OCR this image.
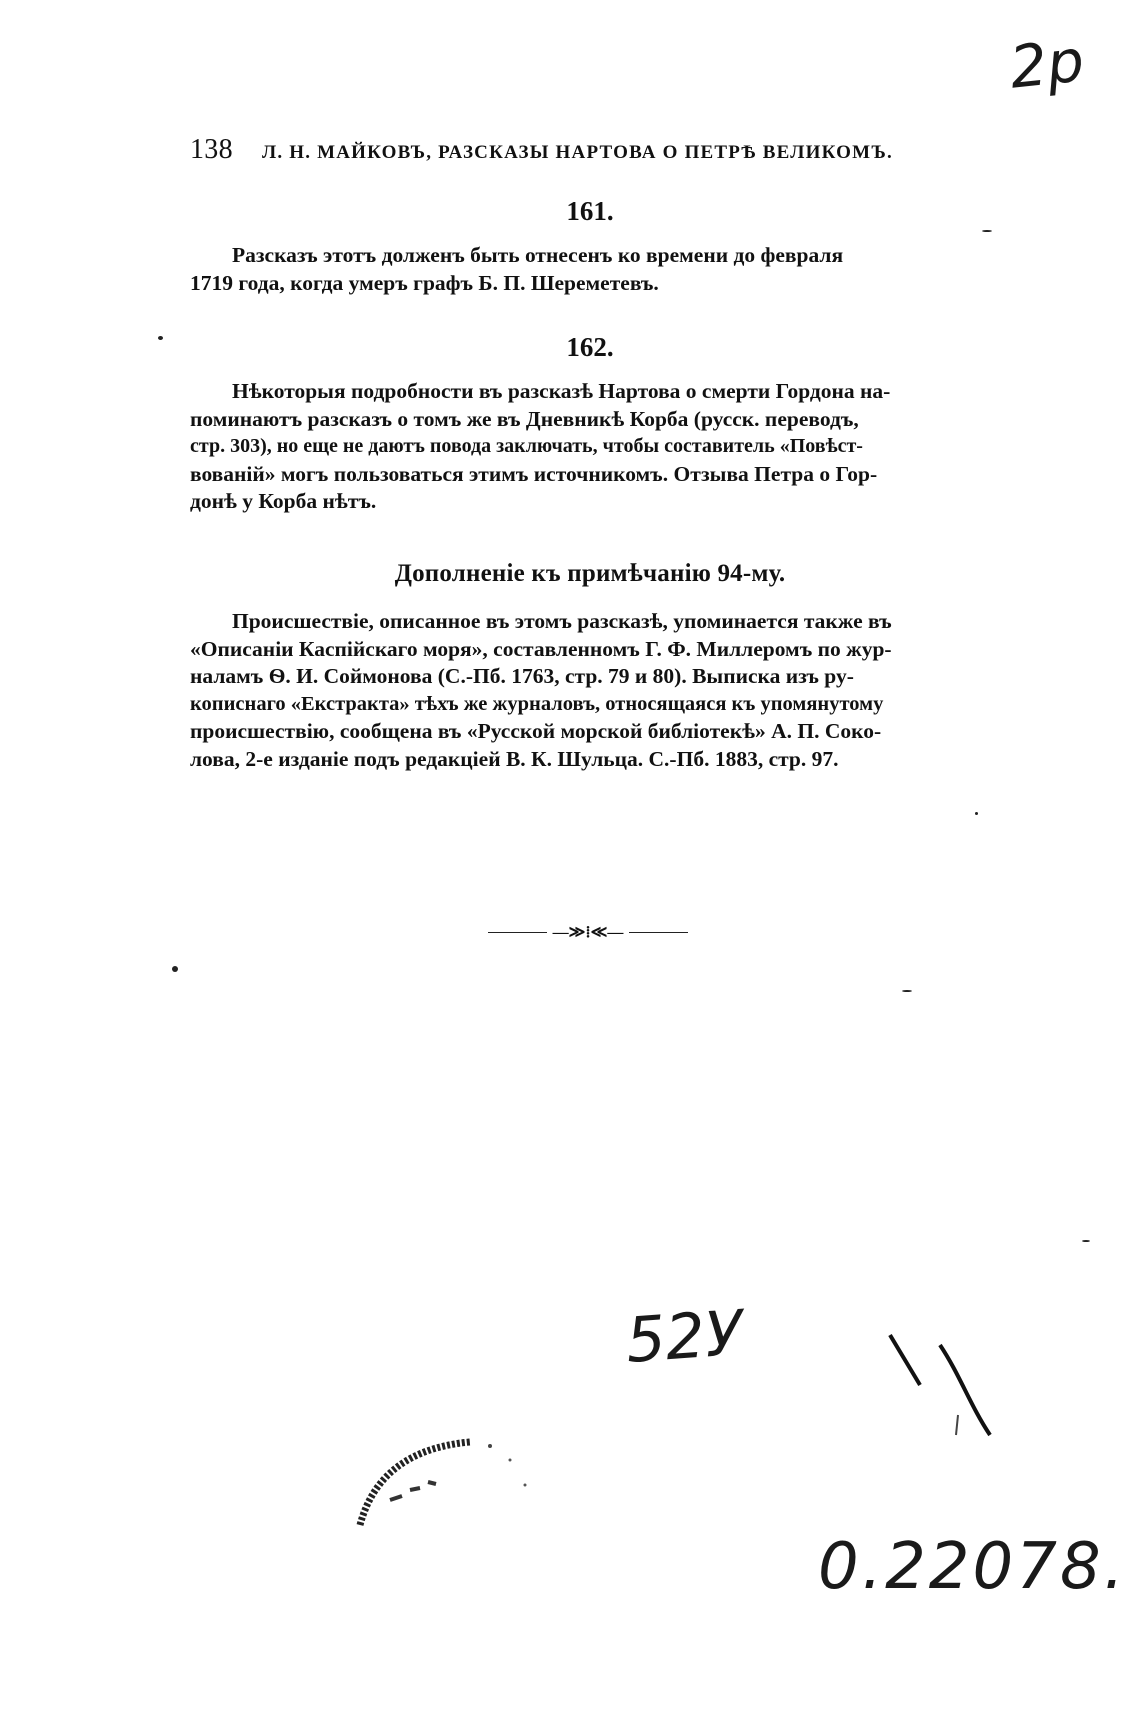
138 Л. Н. МАЙКОВЪ, РАЗСКАЗЫ НАРТОВА О ПЕТРѢ ВЕЛИКОМЪ.
161.
Разсказъ этотъ долженъ быть отнесенъ ко времени до февраля
1719 года, когда умеръ графъ Б. П. Шереметевъ.
162.
Нѣкоторыя подробности въ разсказѣ Нартова о смерти Гордона на-
поминаютъ разсказъ о томъ же въ Дневникѣ Корба (русск. переводъ,
стр. 303), но еще не даютъ повода заключать, чтобы составитель «Повѣст-
вованій» могъ пользоваться этимъ источникомъ. Отзыва Петра о Гор-
донѣ у Корба нѣтъ.
Дополненіе къ примѣчанію 94-му.
Происшествіе, описанное въ этомъ разсказѣ, упоминается также въ
«Описаніи Каспійскаго моря», составленномъ Г. Ф. Миллеромъ по жур-
наламъ Ѳ. И. Соймонова (С.-Пб. 1763, стр. 79 и 80). Выписка изъ ру-
кописнаго «Екстракта» тѣхъ же журналовъ, относящаяся къ упомянутому
происшествію, сообщена въ «Русской морской библіотекѣ» А. П. Соко-
лова, 2-е изданіе подъ редакціей В. К. Шульца. С.-Пб. 1883, стр. 97.
—≫⁞≪—
2р
52У
0.22078.
